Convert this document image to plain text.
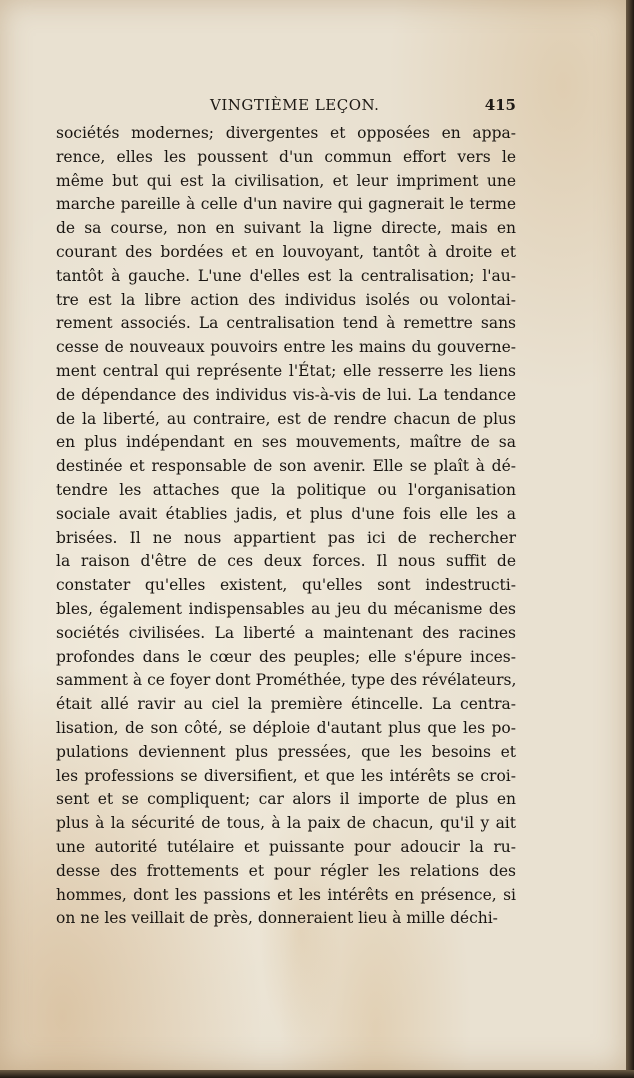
VINGTIÈME LEÇON.	415
sociétés modernes; divergentes et opposées en appa-
rence, elles les poussent d'un commun effort vers le
même but qui est la civilisation, et leur impriment une
marche pareille à celle d'un navire qui gagnerait le terme
de sa course, non en suivant la ligne directe, mais en
courant des bordées et en louvoyant, tantôt à droite et
tantôt à gauche. L'une d'elles est la centralisation; l'au-
tre est la libre action des individus isolés ou volontai-
rement associés. La centralisation tend à remettre sans
cesse de nouveaux pouvoirs entre les mains du gouverne-
ment central qui représente l'État; elle resserre les liens
de dépendance des individus vis-à-vis de lui. La tendance
de la liberté, au contraire, est de rendre chacun de plus
en plus indépendant en ses mouvements, maître de sa
destinée et responsable de son avenir. Elle se plaît à dé-
tendre les attaches que la politique ou l'organisation
sociale avait établies jadis, et plus d'une fois elle les a
brisées. Il ne nous appartient pas ici de rechercher
la raison d'être de ces deux forces. Il nous suffit de
constater qu'elles existent, qu'elles sont indestructi-
bles, également indispensables au jeu du mécanisme des
sociétés civilisées. La liberté a maintenant des racines
profondes dans le cœur des peuples; elle s'épure inces-
samment à ce foyer dont Prométhée, type des révélateurs,
était allé ravir au ciel la première étincelle. La centra-
lisation, de son côté, se déploie d'autant plus que les po-
pulations deviennent plus pressées, que les besoins et
les professions se diversifient, et que les intérêts se croi-
sent et se compliquent; car alors il importe de plus en
plus à la sécurité de tous, à la paix de chacun, qu'il y ait
une autorité tutélaire et puissante pour adoucir la ru-
desse des frottements et pour régler les relations des
hommes, dont les passions et les intérêts en présence, si
on ne les veillait de près, donneraient lieu à mille déchi-
